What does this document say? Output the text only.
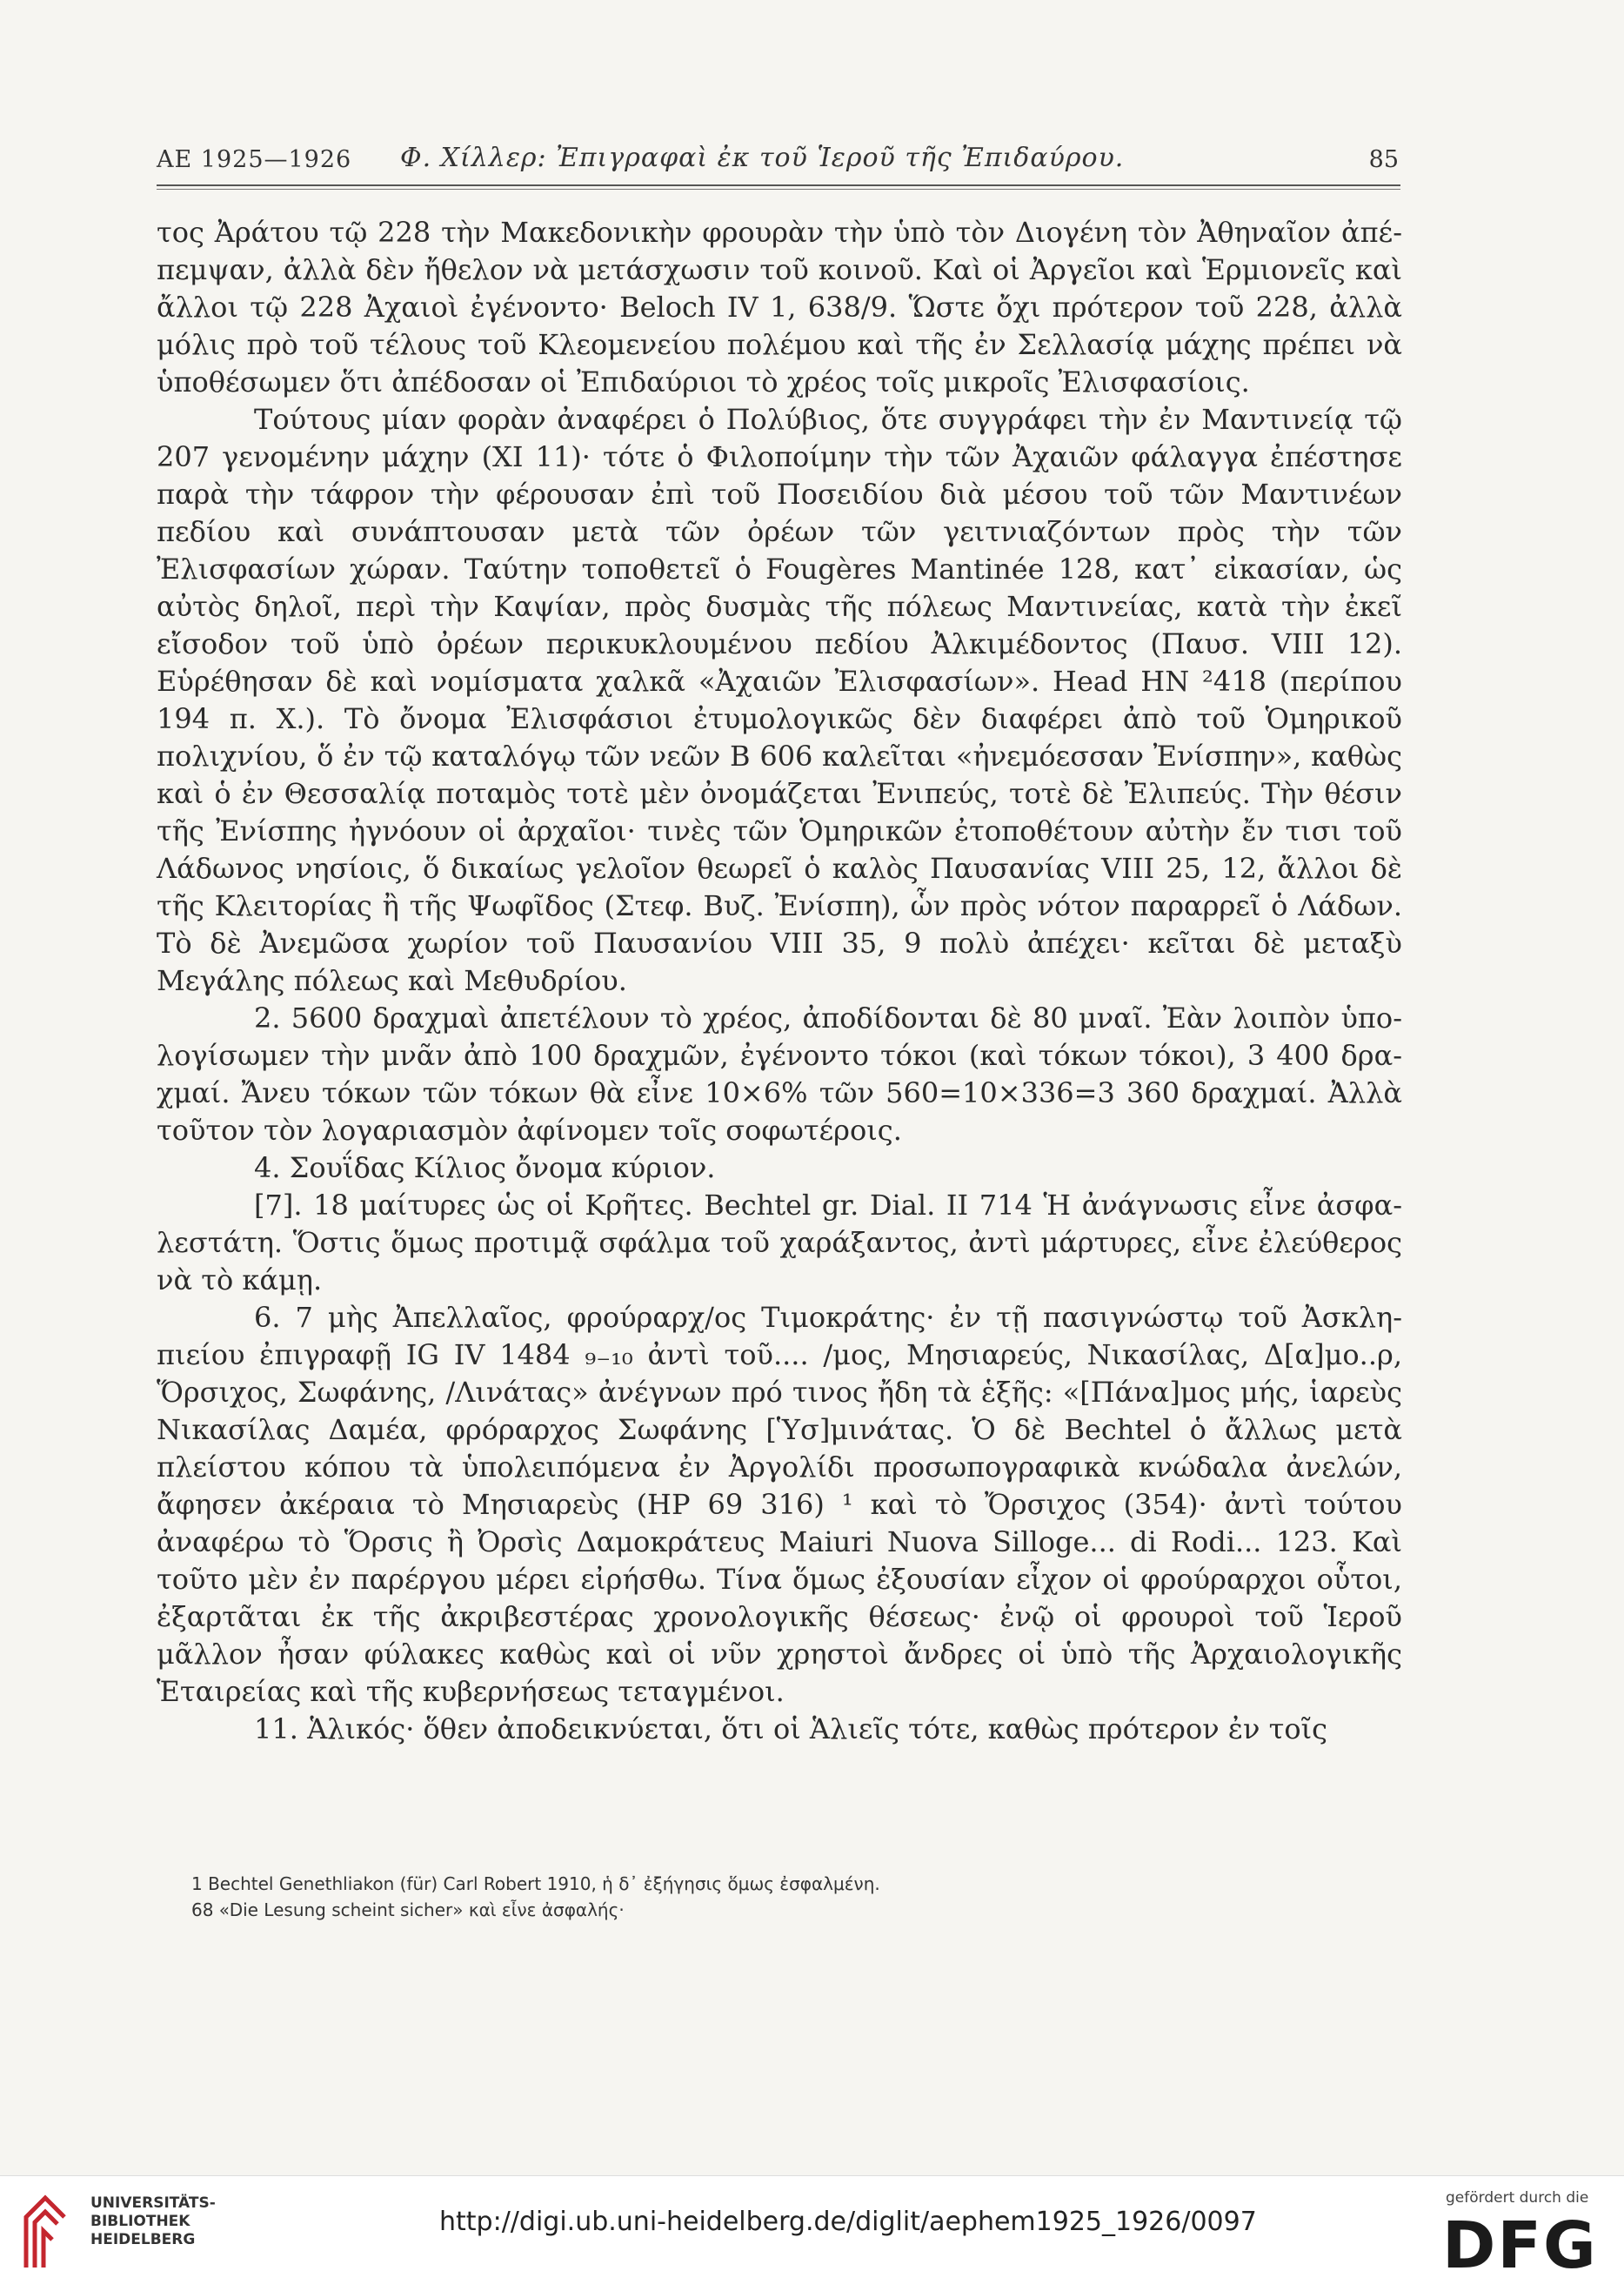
ΑΕ 1925—1926 Φ. Χίλλερ: Ἐπιγραφαὶ ἐκ τοῦ Ἱεροῦ τῆς Ἐπιδαύρου.	85

τος Ἀράτου τῷ 228 τὴν Μακεδονικὴν φρουρὰν τὴν ὑπὸ τὸν Διογένη τὸν Ἀθηναῖον ἀπέπεμψαν, ἀλλὰ δὲν ἤθελον νὰ μετάσχωσιν τοῦ κοινοῦ. Καὶ οἱ Ἀργεῖοι καὶ Ἑρμιονεῖς καὶ ἄλλοι τῷ 228 Ἀχαιοὶ ἐγένοντο· Beloch IV 1, 638/9. Ὥστε ὄχι πρότερον τοῦ 228, ἀλλὰ μόλις πρὸ τοῦ τέλους τοῦ Κλεομενείου πολέμου καὶ τῆς ἐν Σελλασίᾳ μάχης πρέπει νὰ ὑποθέσωμεν ὅτι ἀπέδοσαν οἱ Ἐπιδαύριοι τὸ χρέος τοῖς μικροῖς Ἐλισφασίοις.

Τούτους μίαν φορὰν ἀναφέρει ὁ Πολύβιος, ὅτε συγγράφει τὴν ἐν Μαντινείᾳ τῷ 207 γενομένην μάχην (XI 11)· τότε ὁ Φιλοποίμην τὴν τῶν Ἀχαιῶν φάλαγγα ἐπέστησε παρὰ τὴν τάφρον τὴν φέρουσαν ἐπὶ τοῦ Ποσειδίου διὰ μέσου τοῦ τῶν Μαντινέων πεδίου καὶ συνάπτουσαν μετὰ τῶν ὀρέων τῶν γειτνιαζόντων πρὸς τὴν τῶν Ἐλισφασίων χώραν. Ταύτην τοποθετεῖ ὁ Fougères Mantinée 128, κατ᾽ εἰκασίαν, ὡς αὐτὸς δηλοῖ, περὶ τὴν Καψίαν, πρὸς δυσμὰς τῆς πόλεως Μαντινείας, κατὰ τὴν ἐκεῖ εἴσοδον τοῦ ὑπὸ ὀρέων περικυκλουμένου πεδίου Ἀλκιμέδοντος (Παυσ. VIII 12). Εὑρέθησαν δὲ καὶ νομίσματα χαλκᾶ «Ἀχαιῶν Ἐλισφασίων». Head HN ²418 (περίπου 194 π. Χ.). Τὸ ὄνομα Ἐλισφάσιοι ἐτυμολογικῶς δὲν διαφέρει ἀπὸ τοῦ Ὁμηρικοῦ πολιχνίου, ὅ ἐν τῷ καταλόγῳ τῶν νεῶν Β 606 καλεῖται «ἠνεμόεσσαν Ἐνίσπην», καθὼς καὶ ὁ ἐν Θεσσαλίᾳ ποταμὸς τοτὲ μὲν ὀνομάζεται Ἐνιπεύς, τοτὲ δὲ Ἐλιπεύς. Τὴν θέσιν τῆς Ἐνίσπης ἠγνόουν οἱ ἀρχαῖοι· τινὲς τῶν Ὁμηρικῶν ἐτοποθέτουν αὐτὴν ἔν τισι τοῦ Λάδωνος νησίοις, ὅ δικαίως γελοῖον θεωρεῖ ὁ καλὸς Παυσανίας VIII 25, 12, ἄλλοι δὲ τῆς Κλειτορίας ἢ τῆς Ψωφῖδος (Στεφ. Βυζ. Ἐνίσπη), ὧν πρὸς νότον παραρρεῖ ὁ Λάδων. Τὸ δὲ Ἀνεμῶσα χωρίον τοῦ Παυσανίου VIII 35, 9 πολὺ ἀπέχει· κεῖται δὲ μεταξὺ Μεγάλης πόλεως καὶ Μεθυδρίου.

2. 5600 δραχμαὶ ἀπετέλουν τὸ χρέος, ἀποδίδονται δὲ 80 μναῖ. Ἐὰν λοιπὸν ὑπολογίσωμεν τὴν μνᾶν ἀπὸ 100 δραχμῶν, ἐγένοντο τόκοι (καὶ τόκων τόκοι), 3 400 δραχμαί. Ἄνευ τόκων τῶν τόκων θὰ εἶνε 10×6% τῶν 560=10×336=3 360 δραχμαί. Ἀλλὰ τοῦτον τὸν λογαριασμὸν ἀφίνομεν τοῖς σοφωτέροις.

4. Σουΐδας Κίλιος ὄνομα κύριον.

[7]. 18 μαίτυρες ὡς οἱ Κρῆτες. Bechtel gr. Dial. II 714 Ἡ ἀνάγνωσις εἶνε ἀσφαλεστάτη. Ὅστις ὅμως προτιμᾷ σφάλμα τοῦ χαράξαντος, ἀντὶ μάρτυρες, εἶνε ἐλεύθερος νὰ τὸ κάμῃ.

6. 7 μὴς Ἀπελλαῖος, φρούραρχ/ος Τιμοκράτης· ἐν τῇ πασιγνώστῳ τοῦ Ἀσκληπιείου ἐπιγραφῇ IG IV 1484 ₉₋₁₀ ἀντὶ τοῦ.... /μος, Μησιαρεύς, Νικασίλας, Δ[α]μο..ρ, Ὅρσιχος, Σωφάνης, /Λινάτας» ἀνέγνων πρό τινος ἤδη τὰ ἑξῆς: «[Πάνα]μος μής, ἱαρεὺς Νικασίλας Δαμέα, φρόραρχος Σωφάνης [Ὑσ]μινάτας. Ὁ δὲ Bechtel ὁ ἄλλως μετὰ πλείστου κόπου τὰ ὑπολειπόμενα ἐν Ἀργολίδι προσωπογραφικὰ κνώδαλα ἀνελών, ἄφησεν ἀκέραια τὸ Μησιαρεὺς (HP 69 316) ¹ καὶ τὸ Ὄρσιχος (354)· ἀντὶ τούτου ἀναφέρω τὸ Ὅρσις ἢ Ὀρσὶς Δαμοκράτευς Maiuri Nuova Silloge... di Rodi... 123. Καὶ τοῦτο μὲν ἐν παρέργου μέρει εἰρήσθω. Τίνα ὅμως ἐξουσίαν εἶχον οἱ φρούραρχοι οὗτοι, ἐξαρτᾶται ἐκ τῆς ἀκριβεστέρας χρονολογικῆς θέσεως· ἐνῷ οἱ φρουροὶ τοῦ Ἱεροῦ μᾶλλον ἦσαν φύλακες καθὼς καὶ οἱ νῦν χρηστοὶ ἄνδρες οἱ ὑπὸ τῆς Ἀρχαιολογικῆς Ἑταιρείας καὶ τῆς κυβερνήσεως τεταγμένοι.

11. Ἁλικός· ὅθεν ἀποδεικνύεται, ὅτι οἱ Ἁλιεῖς τότε, καθὼς πρότερον ἐν τοῖς

1 Bechtel Genethliakon (für) Carl Robert 1910, ἡ δ᾽ ἐξήγησις ὅμως ἐσφαλμένη.
68 «Die Lesung scheint sicher» καὶ εἶνε ἀσφαλής·
UNIVERSITÄTS-
BIBLIOTHEK
HEIDELBERG
http://digi.ub.uni-heidelberg.de/diglit/aephem1925_1926/0097
gefördert durch die
DFG
